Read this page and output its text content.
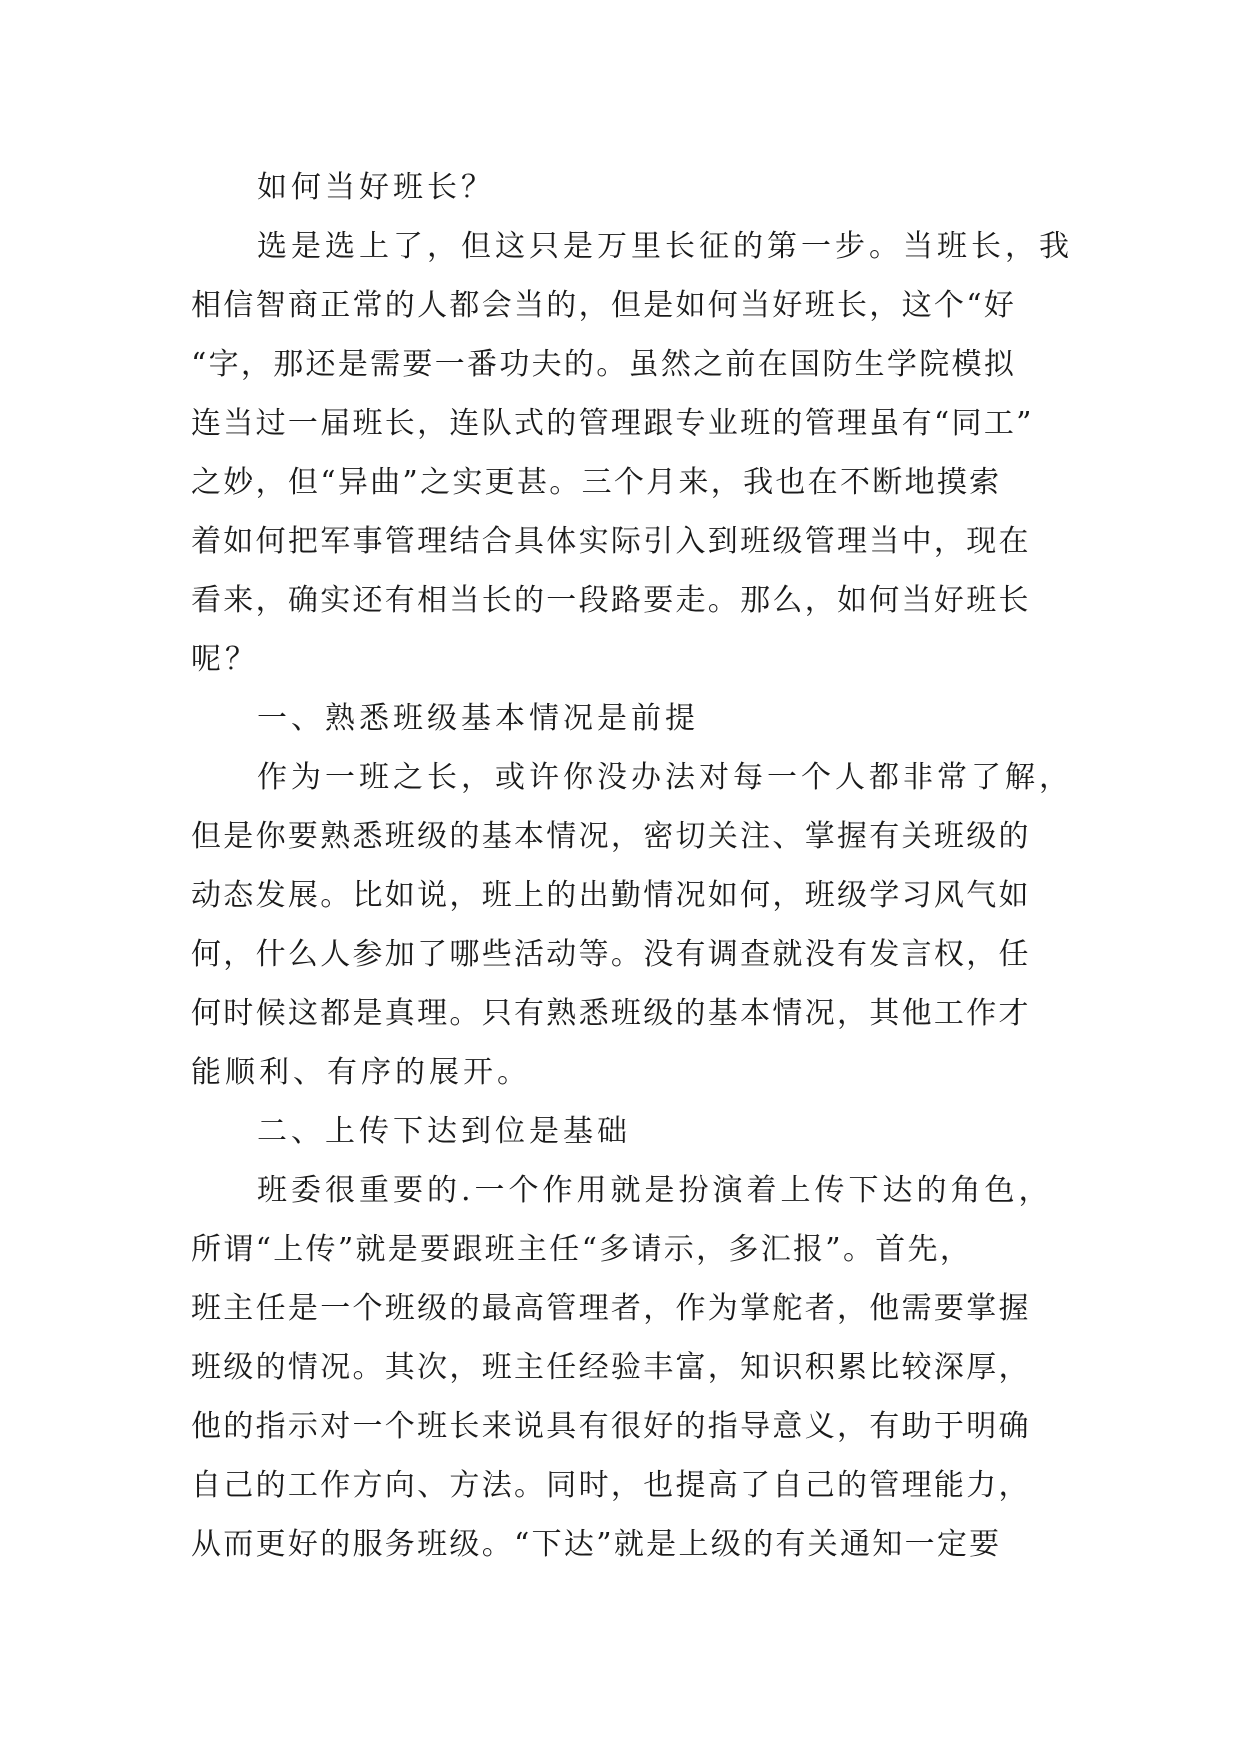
如何当好班长？
选是选上了，但这只是万里长征的第一步。当班长，我
相信智商正常的人都会当的，但是如何当好班长，这个“好
“字，那还是需要一番功夫的。虽然之前在国防生学院模拟
连当过一届班长，连队式的管理跟专业班的管理虽有“同工”
之妙，但“异曲”之实更甚。三个月来，我也在不断地摸索
着如何把军事管理结合具体实际引入到班级管理当中，现在
看来，确实还有相当长的一段路要走。那么，如何当好班长
呢？
一、熟悉班级基本情况是前提
作为一班之长，或许你没办法对每一个人都非常了解，
但是你要熟悉班级的基本情况，密切关注、掌握有关班级的
动态发展。比如说，班上的出勤情况如何，班级学习风气如
何，什么人参加了哪些活动等。没有调查就没有发言权，任
何时候这都是真理。只有熟悉班级的基本情况，其他工作才
能顺利、有序的展开。
二、上传下达到位是基础
班委很重要的.一个作用就是扮演着上传下达的角色，
所谓“上传”就是要跟班主任“多请示，多汇报”。首先，
班主任是一个班级的最高管理者，作为掌舵者，他需要掌握
班级的情况。其次，班主任经验丰富，知识积累比较深厚，
他的指示对一个班长来说具有很好的指导意义，有助于明确
自己的工作方向、方法。同时，也提高了自己的管理能力，
从而更好的服务班级。“下达”就是上级的有关通知一定要
